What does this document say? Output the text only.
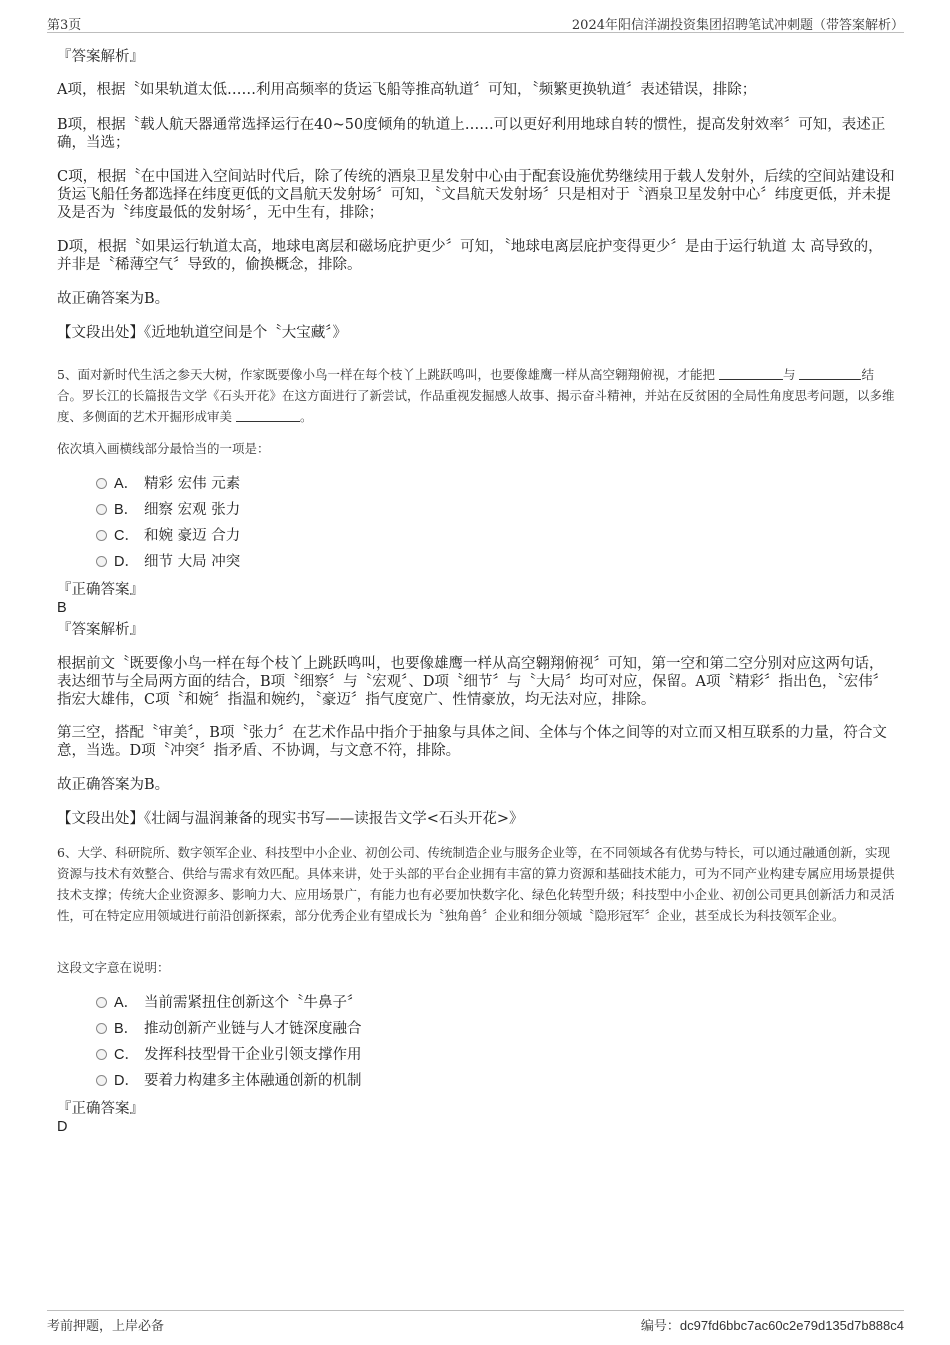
第3页	2024年阳信洋湖投资集团招聘笔试冲刺题（带答案解析）
『答案解析』
A项，根据〝如果轨道太低……利用高频率的货运飞船等推高轨道〞可知，〝频繁更换轨道〞表述错误，排除；
B项，根据〝载人航天器通常选择运行在40~50度倾角的轨道上……可以更好利用地球自转的惯性，提高发射效率〞可知，表述正确，当选；
C项，根据〝在中国进入空间站时代后，除了传统的酒泉卫星发射中心由于配套设施优势继续用于载人发射外，后续的空间站建设和货运飞船任务都选择在纬度更低的文昌航天发射场〞可知，〝文昌航天发射场〞只是相对于〝酒泉卫星发射中心〞纬度更低，并未提及是否为〝纬度最低的发射场〞，无中生有，排除；
D项，根据〝如果运行轨道太高，地球电离层和磁场庇护更少〞可知，〝地球电离层庇护变得更少〞是由于运行轨道 太 高导致的，并非是〝稀薄空气〞导致的，偷换概念，排除。
故正确答案为B。
【文段出处】《近地轨道空间是个〝大宝藏〞》
5、面对新时代生活之参天大树，作家既要像小鸟一样在每个枝丫上跳跃鸣叫，也要像雄鹰一样从高空翱翔俯视，才能把	与	结合。罗长江的长篇报告文学《石头开花》在这方面进行了新尝试，作品重视发掘感人故事、揭示奋斗精神，并站在反贫困的全局性角度思考问题，以多维度、多侧面的艺术开掘形成审美	。
依次填入画横线部分最恰当的一项是：
A． 精彩 宏伟 元素
B． 细察 宏观 张力
C． 和婉 豪迈 合力
D． 细节 大局 冲突
『正确答案』
B
『答案解析』
根据前文〝既要像小鸟一样在每个枝丫上跳跃鸣叫，也要像雄鹰一样从高空翱翔俯视〞可知，第一空和第二空分别对应这两句话，表达细节与全局两方面的结合，B项〝细察〞与〝宏观〞、D项〝细节〞与〝大局〞均可对应，保留。A项〝精彩〞指出色，〝宏伟〞指宏大雄伟，C项〝和婉〞指温和婉约，〝豪迈〞指气度宽广、性情豪放，均无法对应，排除。
第三空，搭配〝审美〞，B项〝张力〞在艺术作品中指介于抽象与具体之间、全体与个体之间等的对立而又相互联系的力量，符合文意，当选。D项〝冲突〞指矛盾、不协调，与文意不符，排除。
故正确答案为B。
【文段出处】《壮阔与温润兼备的现实书写——读报告文学<石头开花>》
6、大学、科研院所、数字领军企业、科技型中小企业、初创公司、传统制造企业与服务企业等，在不同领域各有优势与特长，可以通过融通创新，实现资源与技术有效整合、供给与需求有效匹配。具体来讲，处于头部的平台企业拥有丰富的算力资源和基础技术能力，可为不同产业构建专属应用场景提供技术支撑；传统大企业资源多、影响力大、应用场景广，有能力也有必要加快数字化、绿色化转型升级；科技型中小企业、初创公司更具创新活力和灵活性，可在特定应用领域进行前沿创新探索，部分优秀企业有望成长为〝独角兽〞企业和细分领域〝隐形冠军〞企业，甚至成长为科技领军企业。
这段文字意在说明：
A． 当前需紧扭住创新这个〝牛鼻子〞
B． 推动创新产业链与人才链深度融合
C． 发挥科技型骨干企业引领支撑作用
D． 要着力构建多主体融通创新的机制
『正确答案』
D
考前押题，上岸必备	编号：dc97fd6bbc7ac60c2e79d135d7b888c4
